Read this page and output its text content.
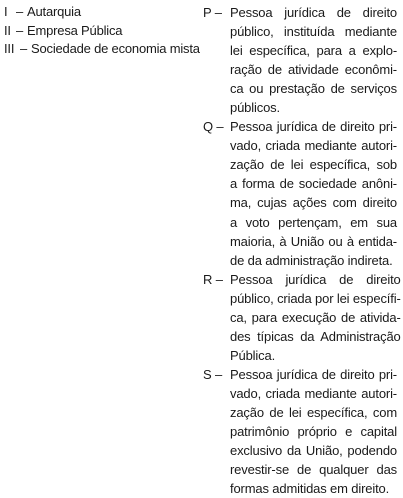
I – Autarquia
II – Empresa Pública
III – Sociedade de economia mista
P – Pessoa jurídica de direito
público, instituída mediante
lei específica, para a explo-
ração de atividade econômi-
ca ou prestação de serviços
públicos.
Q – Pessoa jurídica de direito pri-
vado, criada mediante autori-
zação de lei específica, sob
a forma de sociedade anôni-
ma, cujas ações com direito
a voto pertençam, em sua
maioria, à União ou à entida-
de da administração indireta.
R – Pessoa jurídica de direito
público, criada por lei específi-
ca, para execução de ativida-
des típicas da Administração
Pública.
S – Pessoa jurídica de direito pri-
vado, criada mediante autori-
zação de lei específica, com
patrimônio próprio e capital
exclusivo da União, podendo
revestir-se de qualquer das
formas admitidas em direito.
